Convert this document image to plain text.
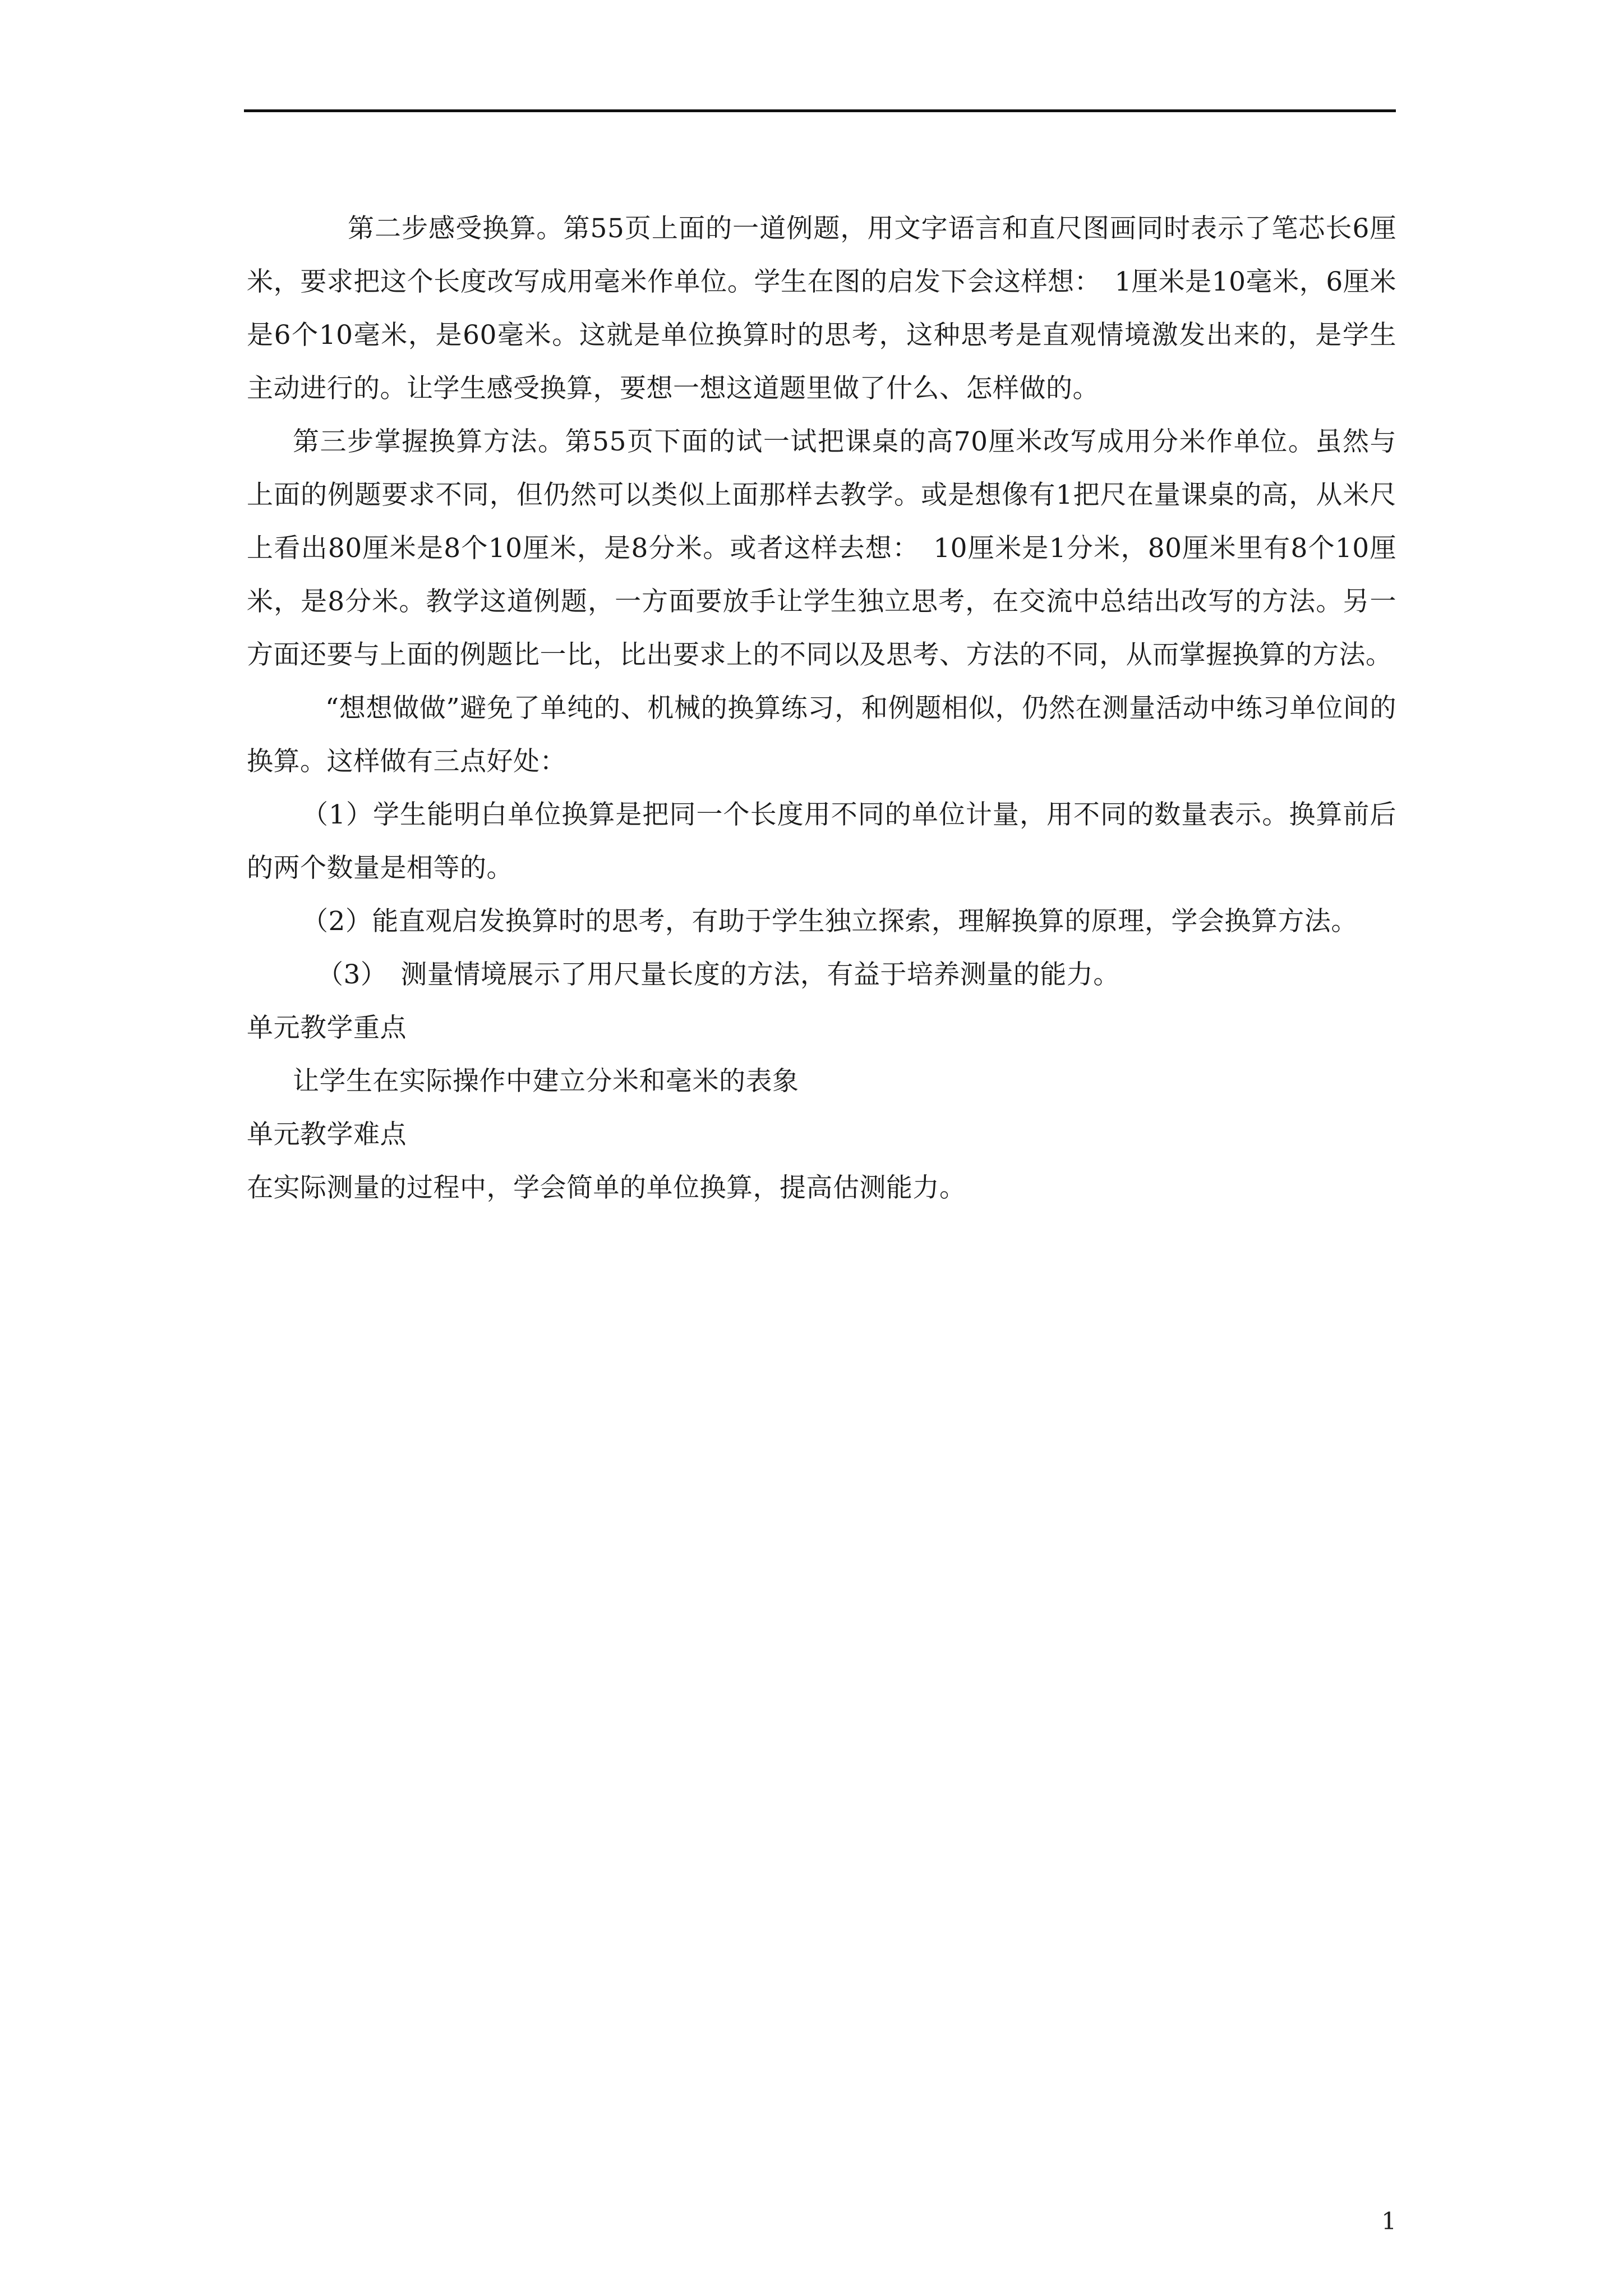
第二步感受换算。第55页上面的一道例题，用文字语言和直尺图画同时表示了笔芯长6厘米，要求把这个长度改写成用毫米作单位。学生在图的启发下会这样想：　1厘米是10毫米，6厘米是6个10毫米，是60毫米。这就是单位换算时的思考，这种思考是直观情境激发出来的，是学生主动进行的。让学生感受换算，要想一想这道题里做了什么、怎样做的。

第三步掌握换算方法。第55页下面的试一试把课桌的高70厘米改写成用分米作单位。虽然与上面的例题要求不同，但仍然可以类似上面那样去教学。或是想像有1把尺在量课桌的高，从米尺上看出80厘米是8个10厘米，是8分米。或者这样去想：　10厘米是1分米，80厘米里有8个10厘米，是8分米。教学这道例题，一方面要放手让学生独立思考，在交流中总结出改写的方法。另一方面还要与上面的例题比一比，比出要求上的不同以及思考、方法的不同，从而掌握换算的方法。

“想想做做”避免了单纯的、机械的换算练习，和例题相似，仍然在测量活动中练习单位间的换算。这样做有三点好处：

（1）学生能明白单位换算是把同一个长度用不同的单位计量，用不同的数量表示。换算前后的两个数量是相等的。

（2）能直观启发换算时的思考，有助于学生独立探索，理解换算的原理，学会换算方法。

（3）　测量情境展示了用尺量长度的方法，有益于培养测量的能力。

单元教学重点

让学生在实际操作中建立分米和毫米的表象

单元教学难点

在实际测量的过程中，学会简单的单位换算，提高估测能力。

1
